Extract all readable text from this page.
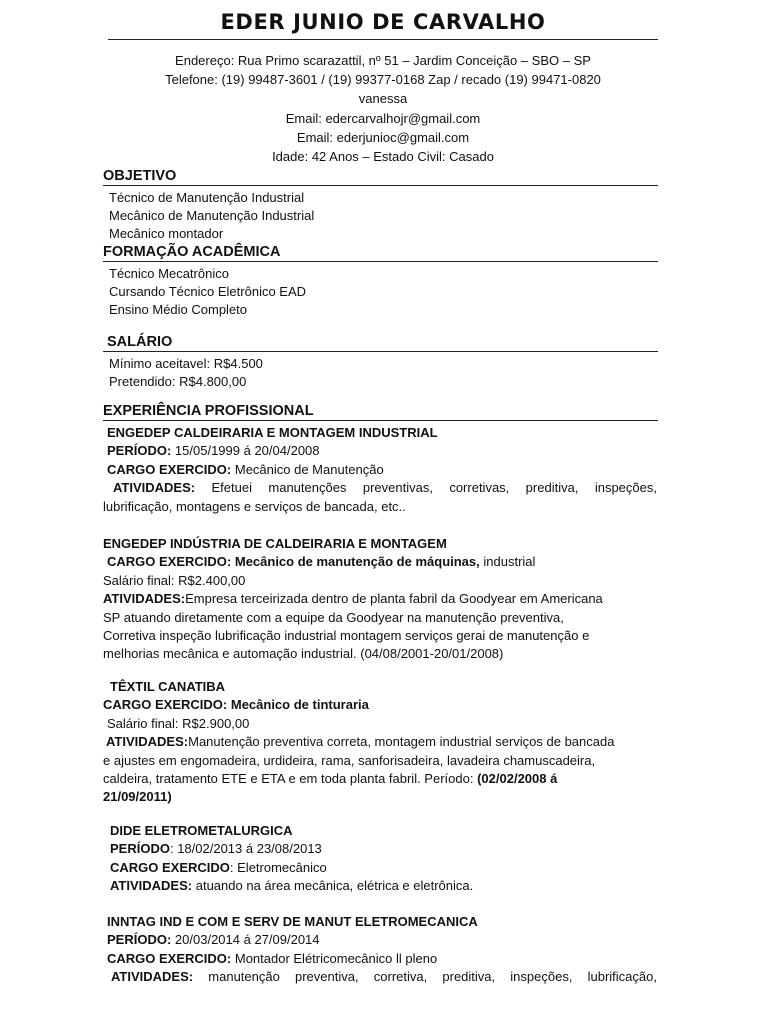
EDER JUNIO DE CARVALHO
Endereço: Rua Primo scarazattil, nº 51 – Jardim Conceição – SBO – SP
Telefone: (19) 99487-3601 / (19) 99377-0168 Zap / recado (19) 99471-0820
vanessa
Email: edercarvalhojr@gmail.com
Email: ederjunioc@gmail.com
Idade: 42 Anos – Estado Civil: Casado
OBJETIVO
Técnico de Manutenção Industrial
Mecânico de Manutenção Industrial
Mecânico montador
FORMAÇÃO ACADÊMICA
Técnico Mecatrônico
Cursando Técnico Eletrônico EAD
Ensino Médio Completo
SALÁRIO
Mínimo aceitavel: R$4.500
Pretendido: R$4.800,00
EXPERIÊNCIA PROFISSIONAL
ENGEDEP CALDEIRARIA E MONTAGEM INDUSTRIAL
PERÍODO: 15/05/1999 á 20/04/2008
CARGO EXERCIDO: Mecânico de Manutenção
ATIVIDADES: Efetuei manutenções preventivas, corretivas, preditiva, inspeções,
lubrificação, montagens e serviços de bancada, etc..
ENGEDEP INDÚSTRIA DE CALDEIRARIA E MONTAGEM
CARGO EXERCIDO: Mecânico de manutenção de máquinas, industrial
Salário final: R$2.400,00
ATIVIDADES:Empresa terceirizada dentro de planta fabril da Goodyear em Americana
SP atuando diretamente com a equipe da Goodyear na manutenção preventiva,
Corretiva inspeção lubrificação industrial montagem serviços gerai de manutenção e
melhorias mecânica e automação industrial. (04/08/2001-20/01/2008)
TÊXTIL CANATIBA
CARGO EXERCIDO: Mecânico de tinturaria
Salário final: R$2.900,00
ATIVIDADES:Manutenção preventiva correta, montagem industrial serviços de bancada
e ajustes em engomadeira, urdideira, rama, sanforisadeira, lavadeira chamuscadeira,
caldeira, tratamento ETE e ETA e em toda planta fabril. Período: (02/02/2008 á
21/09/2011)
DIDE ELETROMETALURGICA
PERÍODO: 18/02/2013 á 23/08/2013
CARGO EXERCIDO: Eletromecânico
ATIVIDADES: atuando na área mecânica, elétrica e eletrônica.
INNTAG IND E COM E SERV DE MANUT ELETROMECANICA
PERÍODO: 20/03/2014 á 27/09/2014
CARGO EXERCIDO: Montador Elétricomecânico ll pleno
ATIVIDADES: manutenção preventiva, corretiva, preditiva, inspeções, lubrificação,
